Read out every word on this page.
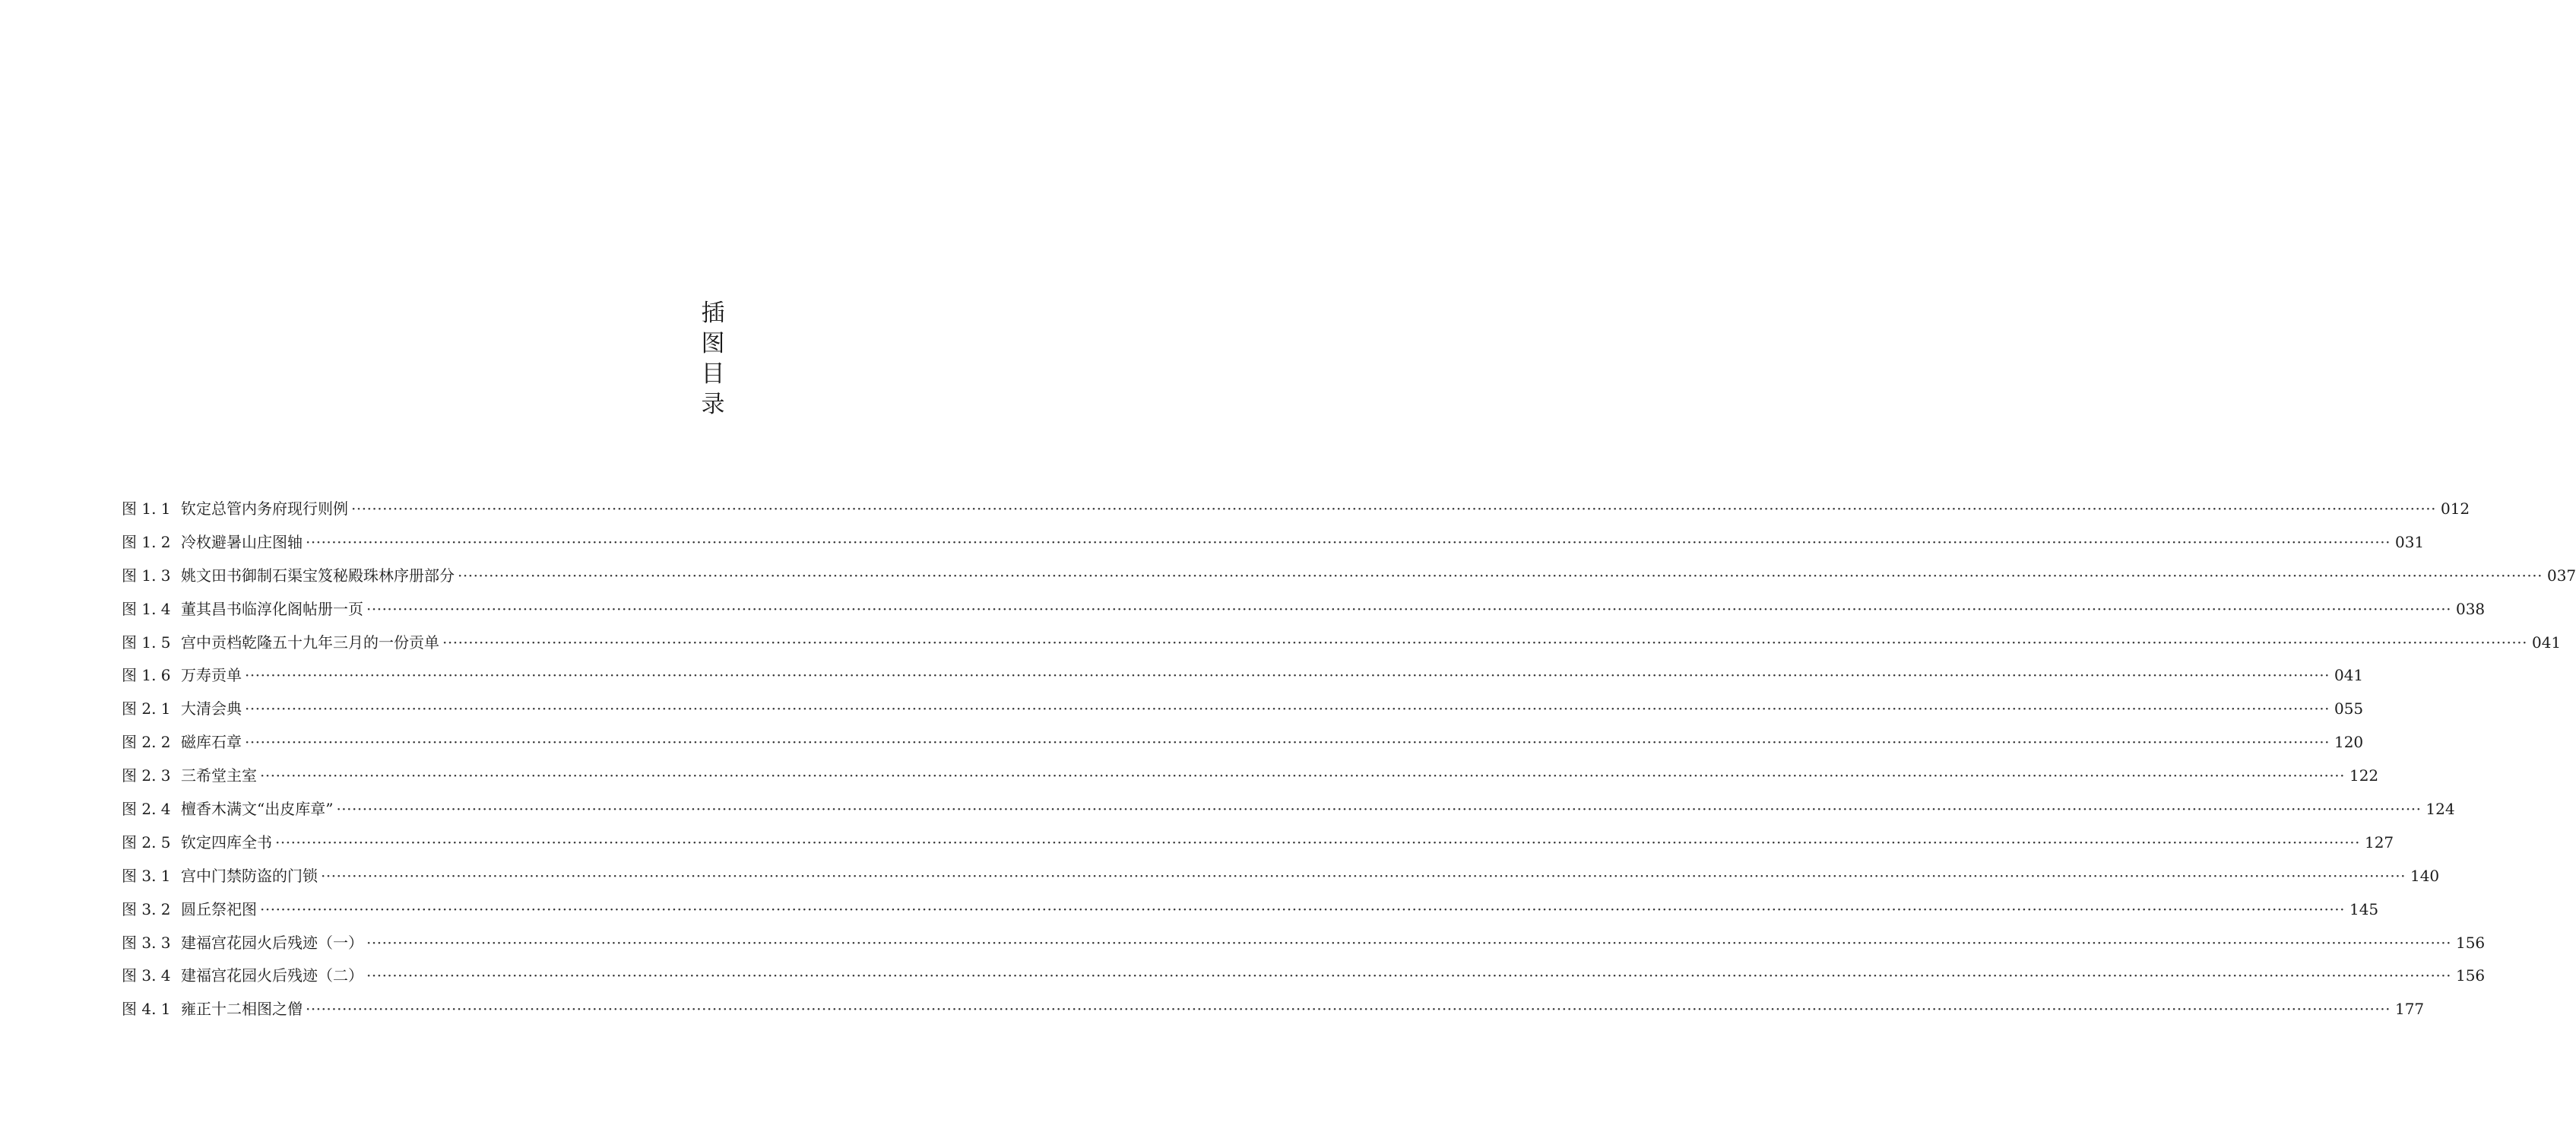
插
图
目
录
图 1. 1 钦定总管内务府现行则例 ················································································································································································································································································································································································································ 012
图 1. 2 冷枚避暑山庄图轴 ················································································································································································································································································································································································································ 031
图 1. 3 姚文田书御制石渠宝笈秘殿珠林序册部分 ················································································································································································································································································································································································································ 037
图 1. 4 董其昌书临淳化阁帖册一页 ················································································································································································································································································································································································································ 038
图 1. 5 宫中贡档乾隆五十九年三月的一份贡单 ················································································································································································································································································································································································································ 041
图 1. 6 万寿贡单 ················································································································································································································································································································································································································ 041
图 2. 1 大清会典 ················································································································································································································································································································································································································ 055
图 2. 2 磁库石章 ················································································································································································································································································································································································································ 120
图 2. 3 三希堂主室 ················································································································································································································································································································································································································ 122
图 2. 4 檀香木满文“出皮库章” ················································································································································································································································································································································································································ 124
图 2. 5 钦定四库全书 ················································································································································································································································································································································································································ 127
图 3. 1 宫中门禁防盗的门锁 ················································································································································································································································································································································································································ 140
图 3. 2 圆丘祭祀图 ················································································································································································································································································································································································································ 145
图 3. 3 建福宫花园火后残迹（一） ················································································································································································································································································································································································································ 156
图 3. 4 建福宫花园火后残迹（二） ················································································································································································································································································································································································································ 156
图 4. 1 雍正十二相图之僧 ················································································································································································································································································································································································································ 177
